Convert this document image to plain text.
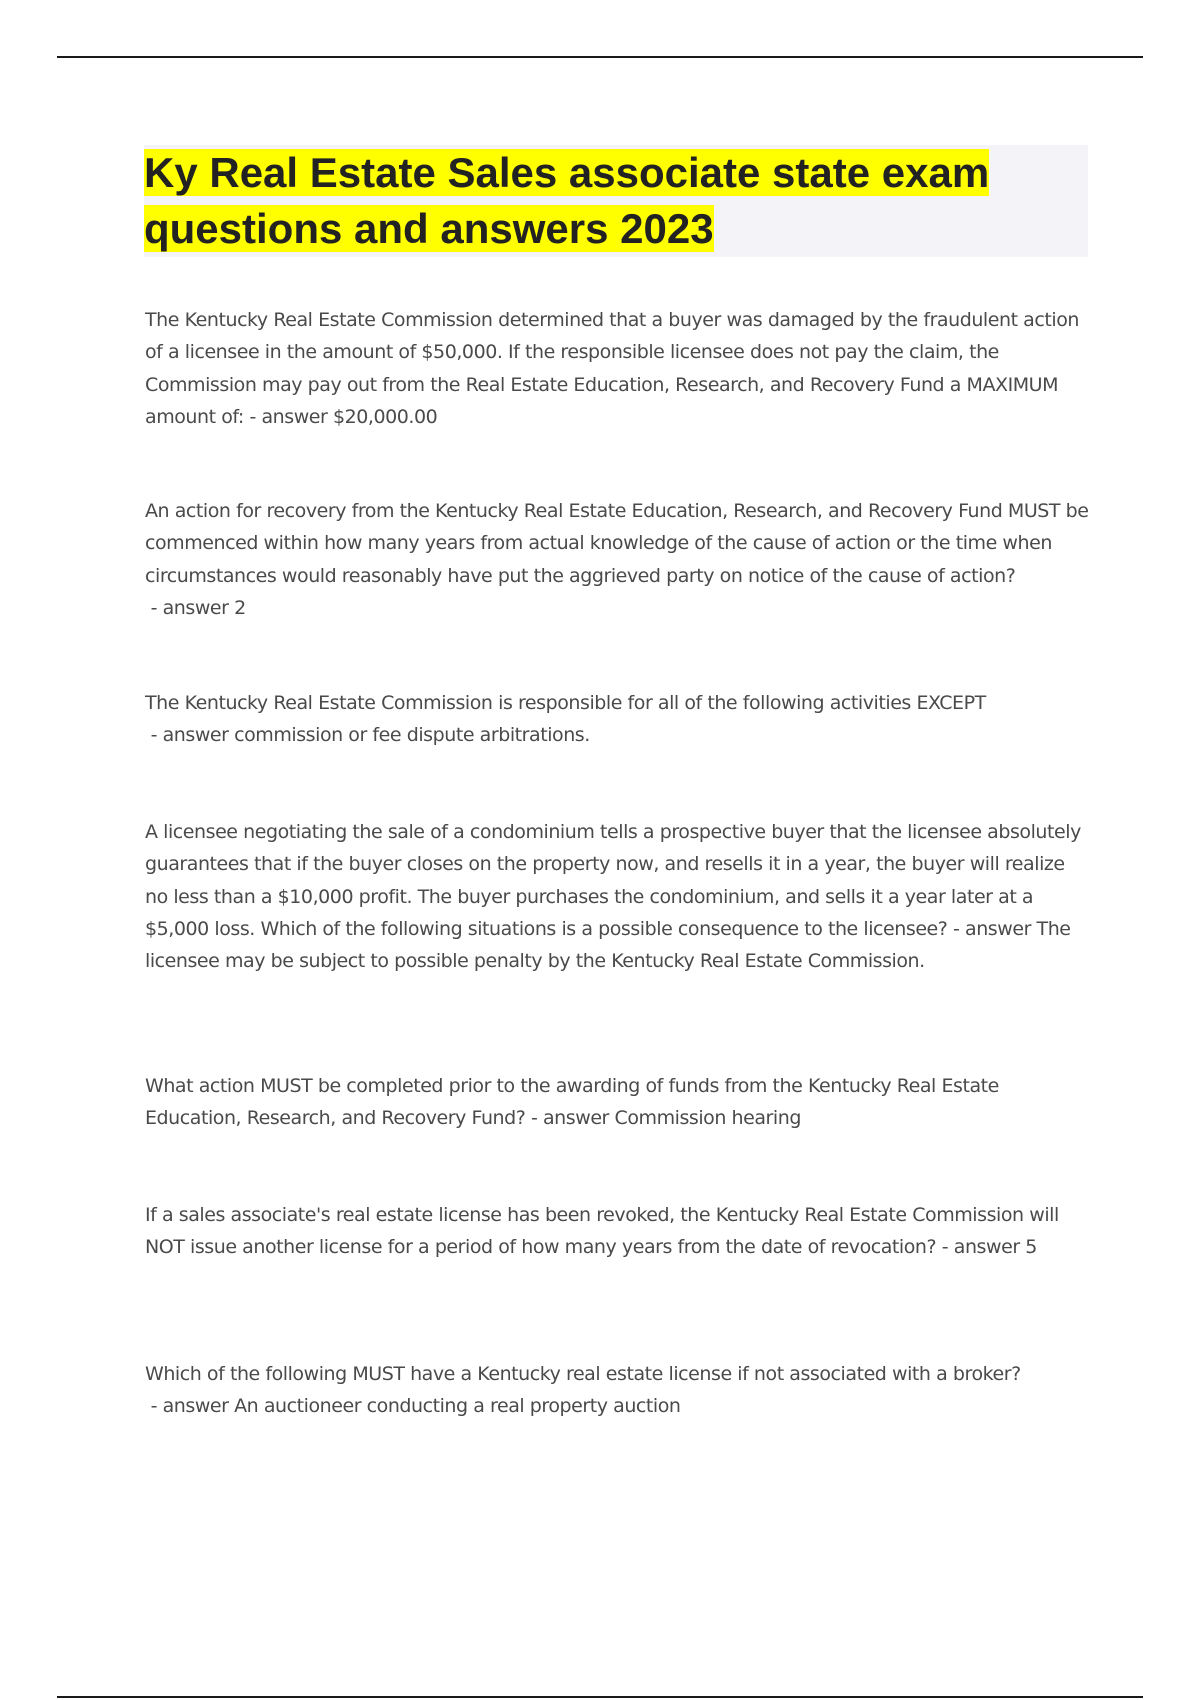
Ky Real Estate Sales associate state exam questions and answers 2023

The Kentucky Real Estate Commission determined that a buyer was damaged by the fraudulent action of a licensee in the amount of $50,000. If the responsible licensee does not pay the claim, the Commission may pay out from the Real Estate Education, Research, and Recovery Fund a MAXIMUM amount of: - answer $20,000.00

An action for recovery from the Kentucky Real Estate Education, Research, and Recovery Fund MUST be commenced within how many years from actual knowledge of the cause of action or the time when circumstances would reasonably have put the aggrieved party on notice of the cause of action? - answer 2

The Kentucky Real Estate Commission is responsible for all of the following activities EXCEPT - answer commission or fee dispute arbitrations.

A licensee negotiating the sale of a condominium tells a prospective buyer that the licensee absolutely guarantees that if the buyer closes on the property now, and resells it in a year, the buyer will realize no less than a $10,000 profit. The buyer purchases the condominium, and sells it a year later at a $5,000 loss. Which of the following situations is a possible consequence to the licensee? - answer The licensee may be subject to possible penalty by the Kentucky Real Estate Commission.

What action MUST be completed prior to the awarding of funds from the Kentucky Real Estate Education, Research, and Recovery Fund? - answer Commission hearing

If a sales associate's real estate license has been revoked, the Kentucky Real Estate Commission will NOT issue another license for a period of how many years from the date of revocation? - answer 5

Which of the following MUST have a Kentucky real estate license if not associated with a broker? - answer An auctioneer conducting a real property auction
